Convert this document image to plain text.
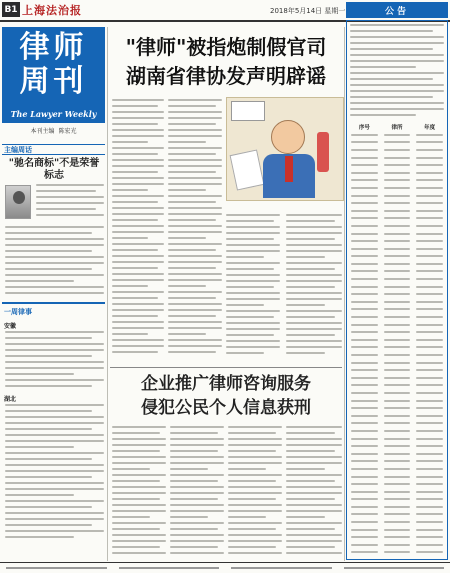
B1 上海法治报	2018年5月14日 星期一
律师周刊
The Lawyer Weekly
本刊主编 陈宏光
主编周话
"驰名商标"不是荣誉标志
一周律事
安徽
湖北
"律师"被指炮制假官司
湖南省律协发声明辟谣
企业推广律师咨询服务
侵犯公民个人信息获刑
公告
序号	律所	年度
